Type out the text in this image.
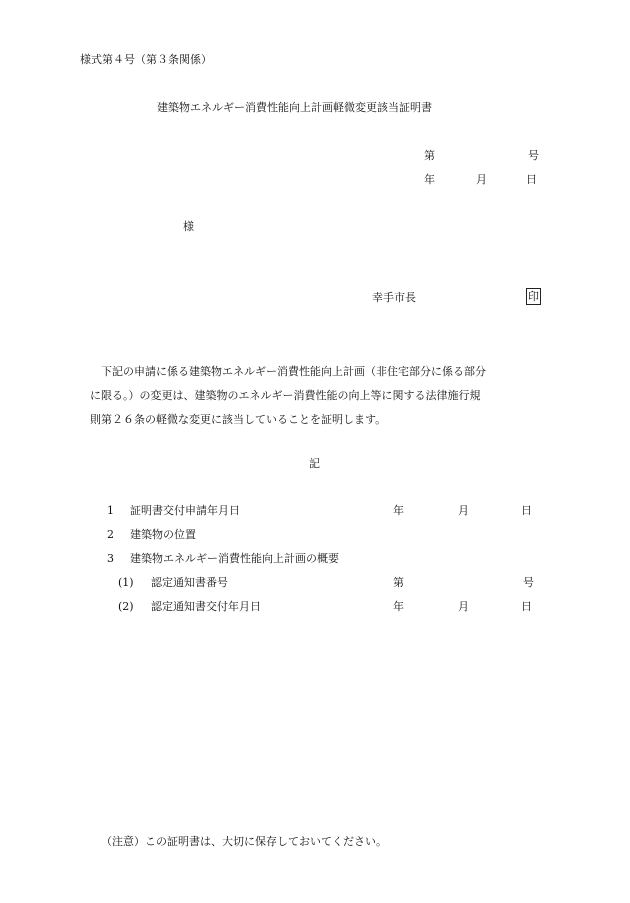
様式第４号（第３条関係）
建築物エネルギー消費性能向上計画軽微変更該当証明書
第	号
年	月	日
様
幸手市長	印
　下記の申請に係る建築物エネルギー消費性能向上計画（非住宅部分に係る部分
に限る。）の変更は、建築物のエネルギー消費性能の向上等に関する法律施行規
則第２６条の軽微な変更に該当していることを証明します。
記
1 証明書交付申請年月日	年	月	日
2 建築物の位置
3 建築物エネルギー消費性能向上計画の概要
(1) 認定通知書番号	第	号
(2) 認定通知書交付年月日	年	月	日
（注意）この証明書は、大切に保存しておいてください。
